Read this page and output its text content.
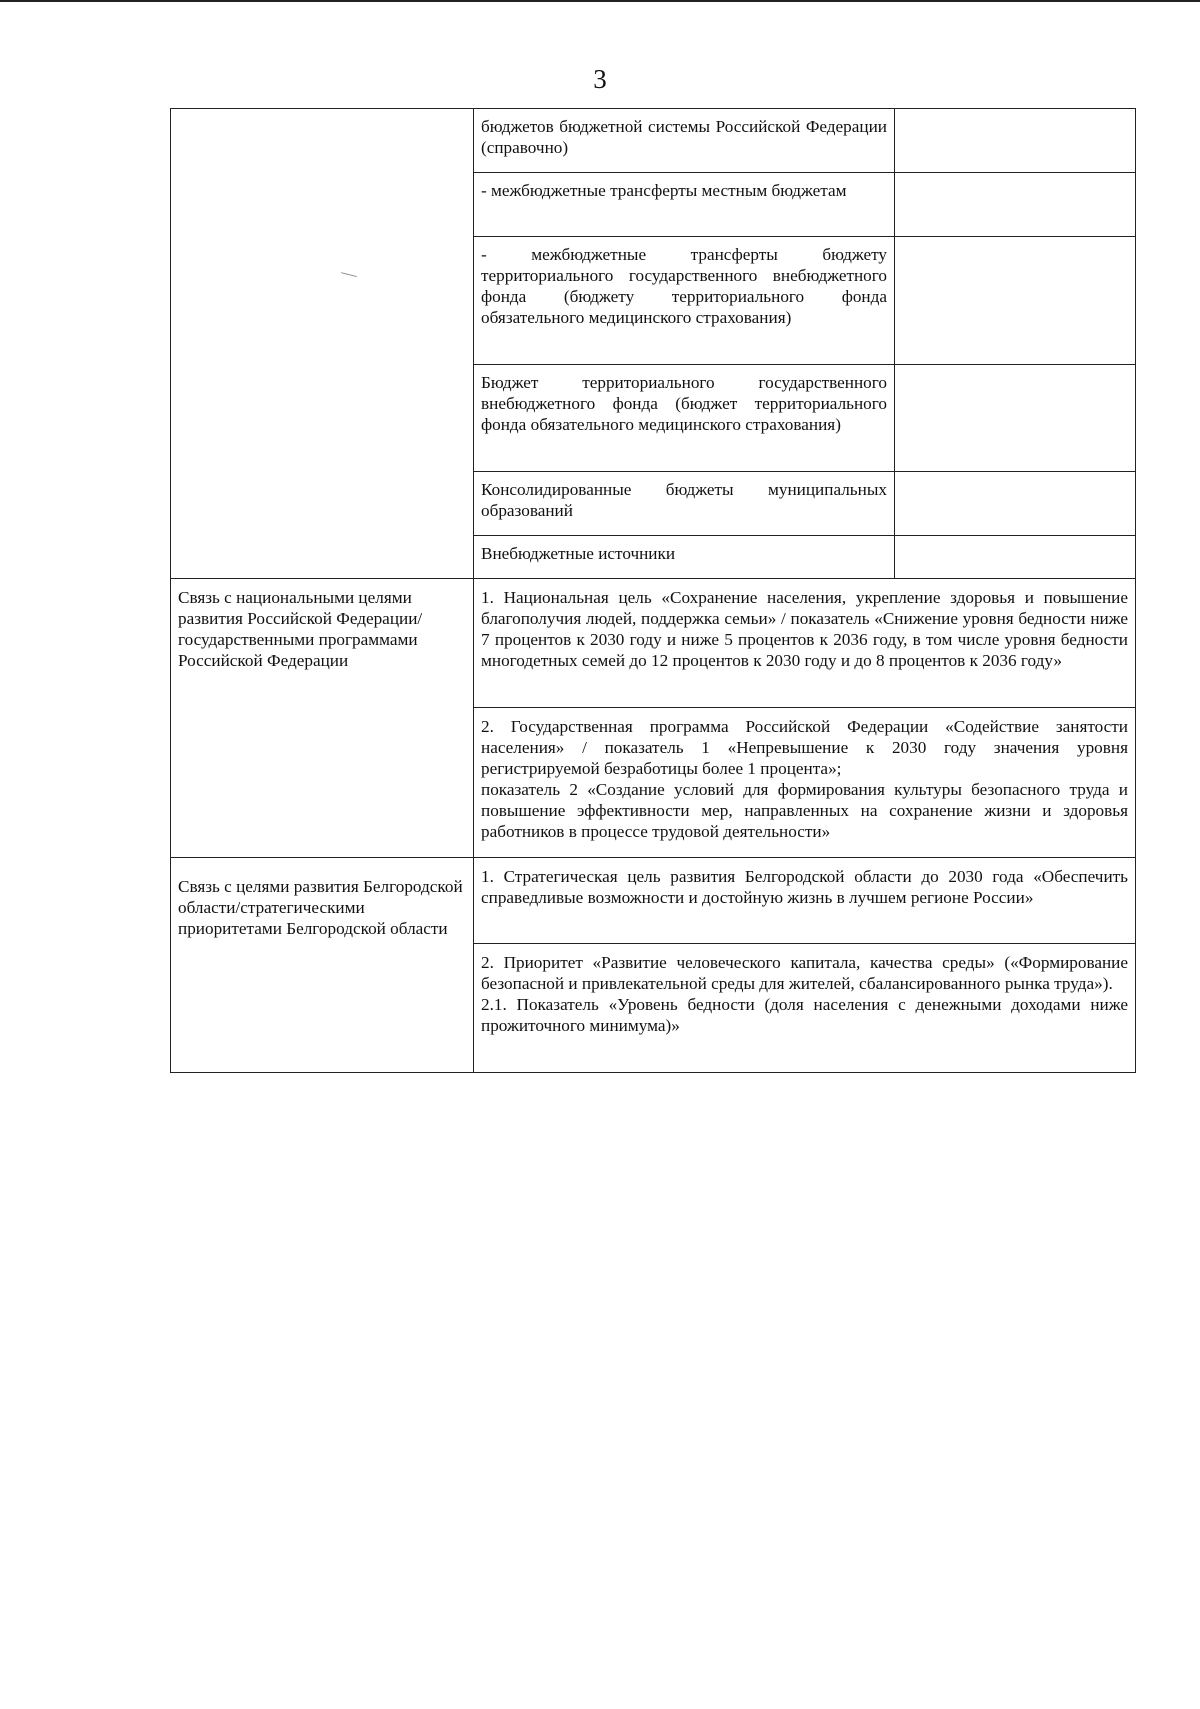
3

	бюджетов бюджетной системы Российской Федерации (справочно)	

	- межбюджетные трансферты местным бюджетам	

	- межбюджетные трансферты бюджету территориального государственного внебюджетного фонда (бюджету территориального фонда обязательного медицинского страхования)	

	Бюджет территориального государственного внебюджетного фонда (бюджет территориального фонда обязательного медицинского страхования)	

	Консолидированные бюджеты муниципальных образований	

	Внебюджетные источники	

Связь с национальными целями развития Российской Федерации/государственными программами Российской Федерации	1. Национальная цель «Сохранение населения, укрепление здоровья и повышение благополучия людей, поддержка семьи» / показатель «Снижение уровня бедности ниже 7 процентов к 2030 году и ниже 5 процентов к 2036 году, в том числе уровня бедности многодетных семей до 12 процентов к 2030 году и до 8 процентов к 2036 году»	

	2. Государственная программа Российской Федерации «Содействие занятости населения» / показатель 1 «Непревышение к 2030 году значения уровня регистрируемой безработицы более 1 процента»;
показатель 2 «Создание условий для формирования культуры безопасного труда и повышение эффективности мер, направленных на сохранение жизни и здоровья работников в процессе трудовой деятельности»	

Связь с целями развития Белгородской области/стратегическими приоритетами Белгородской области	1. Стратегическая цель развития Белгородской области до 2030 года «Обеспечить справедливые возможности и достойную жизнь в лучшем регионе России»	

	2. Приоритет «Развитие человеческого капитала, качества среды» («Формирование безопасной и привлекательной среды для жителей, сбалансированного рынка труда»).
2.1. Показатель «Уровень бедности (доля населения с денежными доходами ниже прожиточного минимума)»	
